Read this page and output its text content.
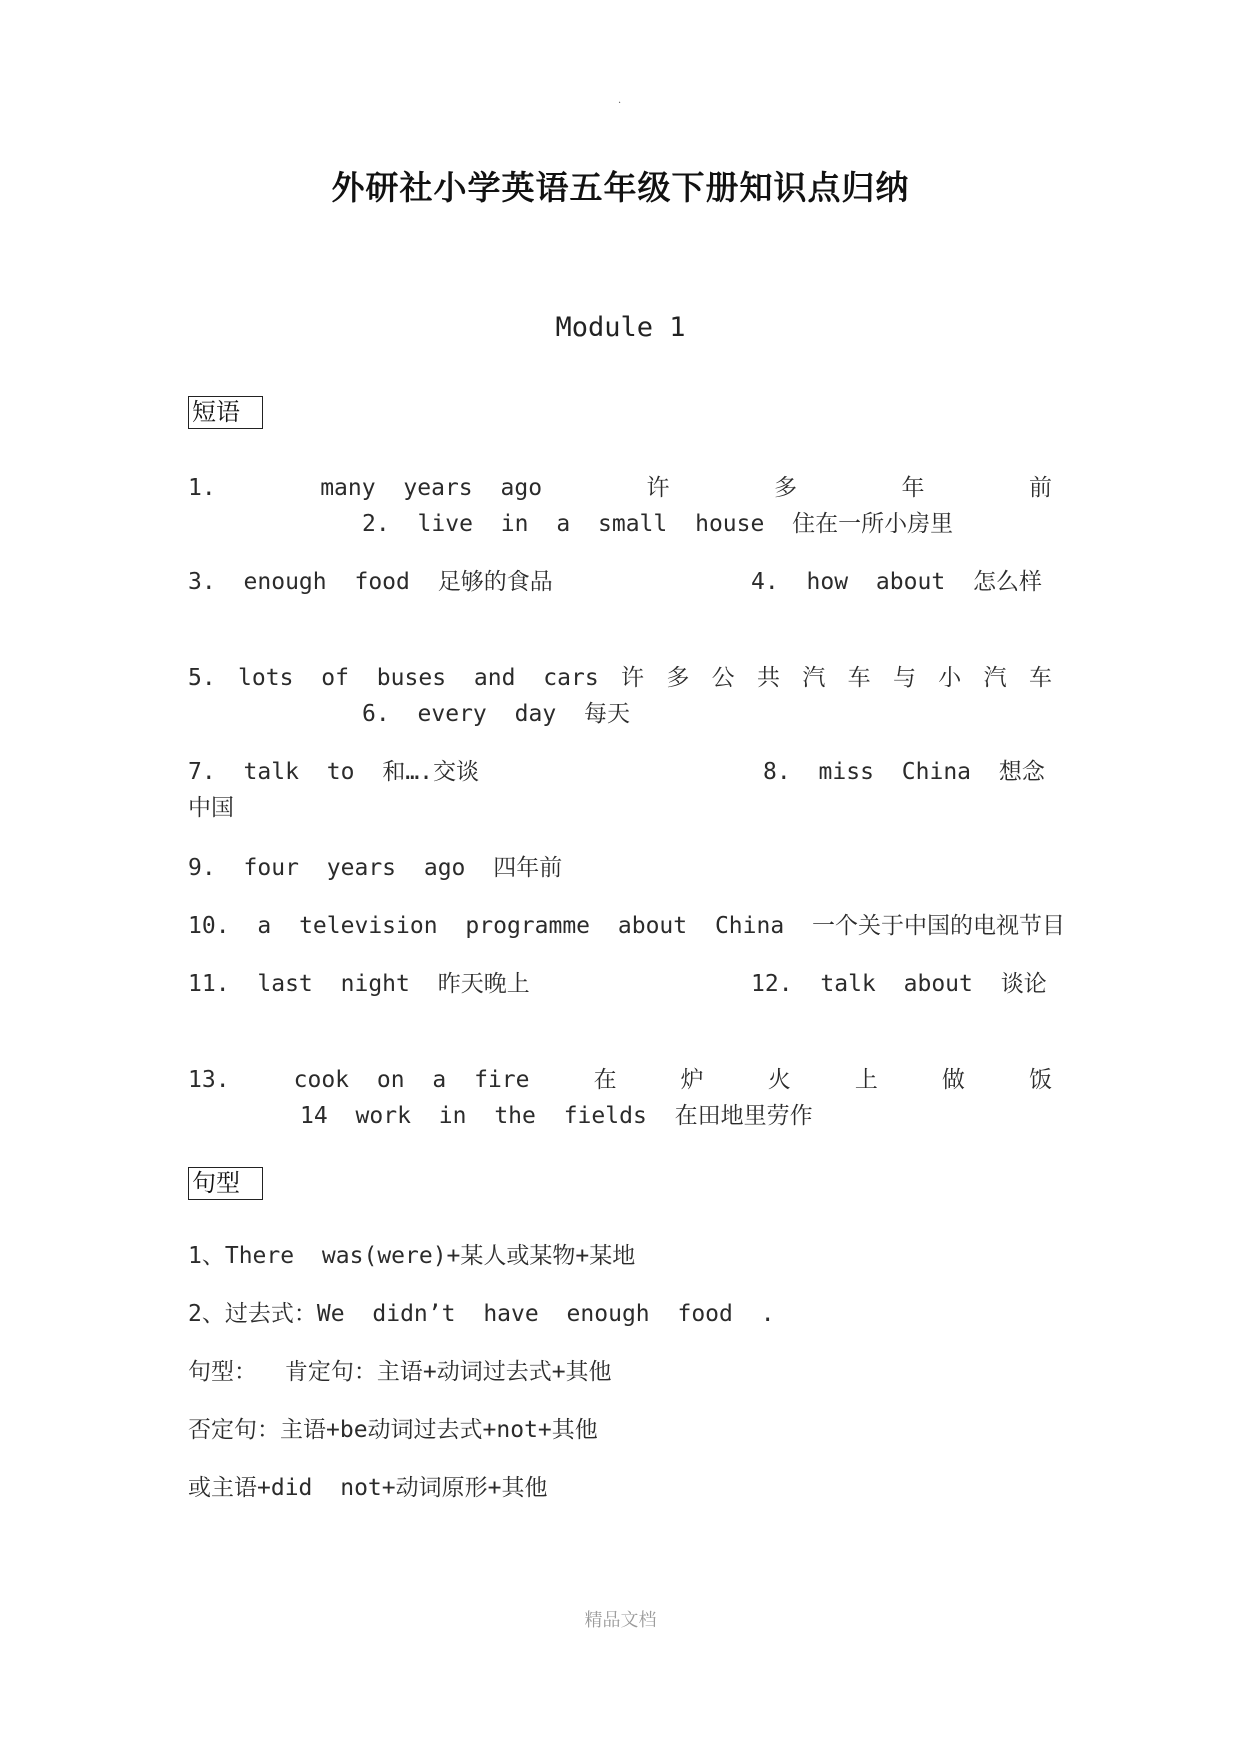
·
外研社小学英语五年级下册知识点归纳
Module 1
短语
1.	many years ago	许	多	年	前
2. live in a small house 住在一所小房里
3. enough food 足够的食品	4. how about 怎么样
5. lots of buses and cars 许 多 公 共 汽 车 与 小 汽 车
6. every day 每天
7. talk to 和….交谈	8. miss China 想念
中国
9. four years ago 四年前
10. a television programme about China 一个关于中国的电视节目
11. last night 昨天晚上	12. talk about 谈论
13.	cook on a fire	在	炉	火	上	做	饭
14 work in the fields 在田地里劳作
句型
1、There was(were)+某人或某物+某地
2、过去式：We didn’t have enough food .
句型： 肯定句：主语+动词过去式+其他
否定句：主语+be动词过去式+not+其他
或主语+did not+动词原形+其他
精品文档
